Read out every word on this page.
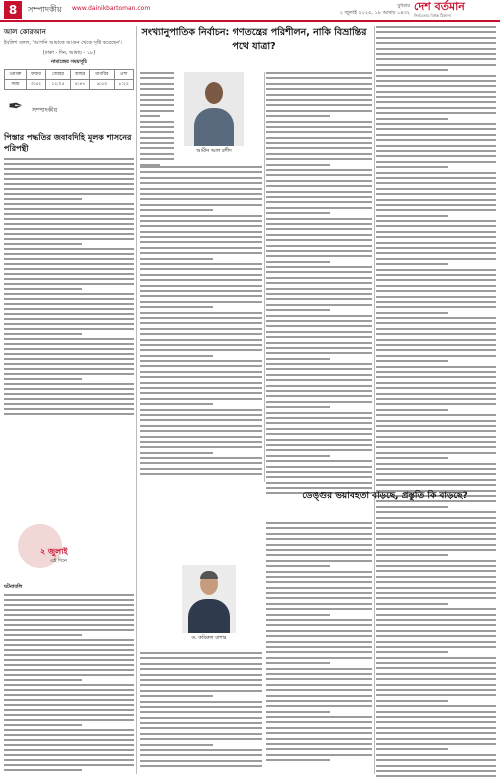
8	সম্পাদকীয় www.dainikbartoman.com	বুধবার
২ জুলাই ২০২৫, ১৮ আষাঢ় ১৪৩২ দেশ বর্তমান
নির্ভরতার বিশ্বস্ত ঠিকানা
আল কোরআন
ইবলিশ বলল, 'আপনি আমাকে আগুন থেকে সৃষ্টি করেছেন'।
(ঢাকা - দিন, আষাঢ় - ১৮)
নামাজের সময়সূচি
ওয়াক্ত	ফজর	জোহর	আছর	মাগরিব	এশা
সময়	৩:৪২	১২:০৫	৪:৪৭	৬:৫৩	৮:২২
✒ সম্পাদকীয়
পিস্তার পদ্ধতির জবাবদিহি মূলক শাসনের পরিপন্থী
২ জুলাই
এই দিনে
ঘটনাবলি
সংখ্যানুপাতিক নির্বাচন: গণতন্ত্রের পরিশীলন, নাকি বিভ্রান্তির পথে যাত্রা?
আমীন আল রশীদ
ডেঙ্গুর ভয়াবহতা বাড়ছে, প্রস্তুতি কি বাড়ছে?
ড. কবিরুল বাশার
